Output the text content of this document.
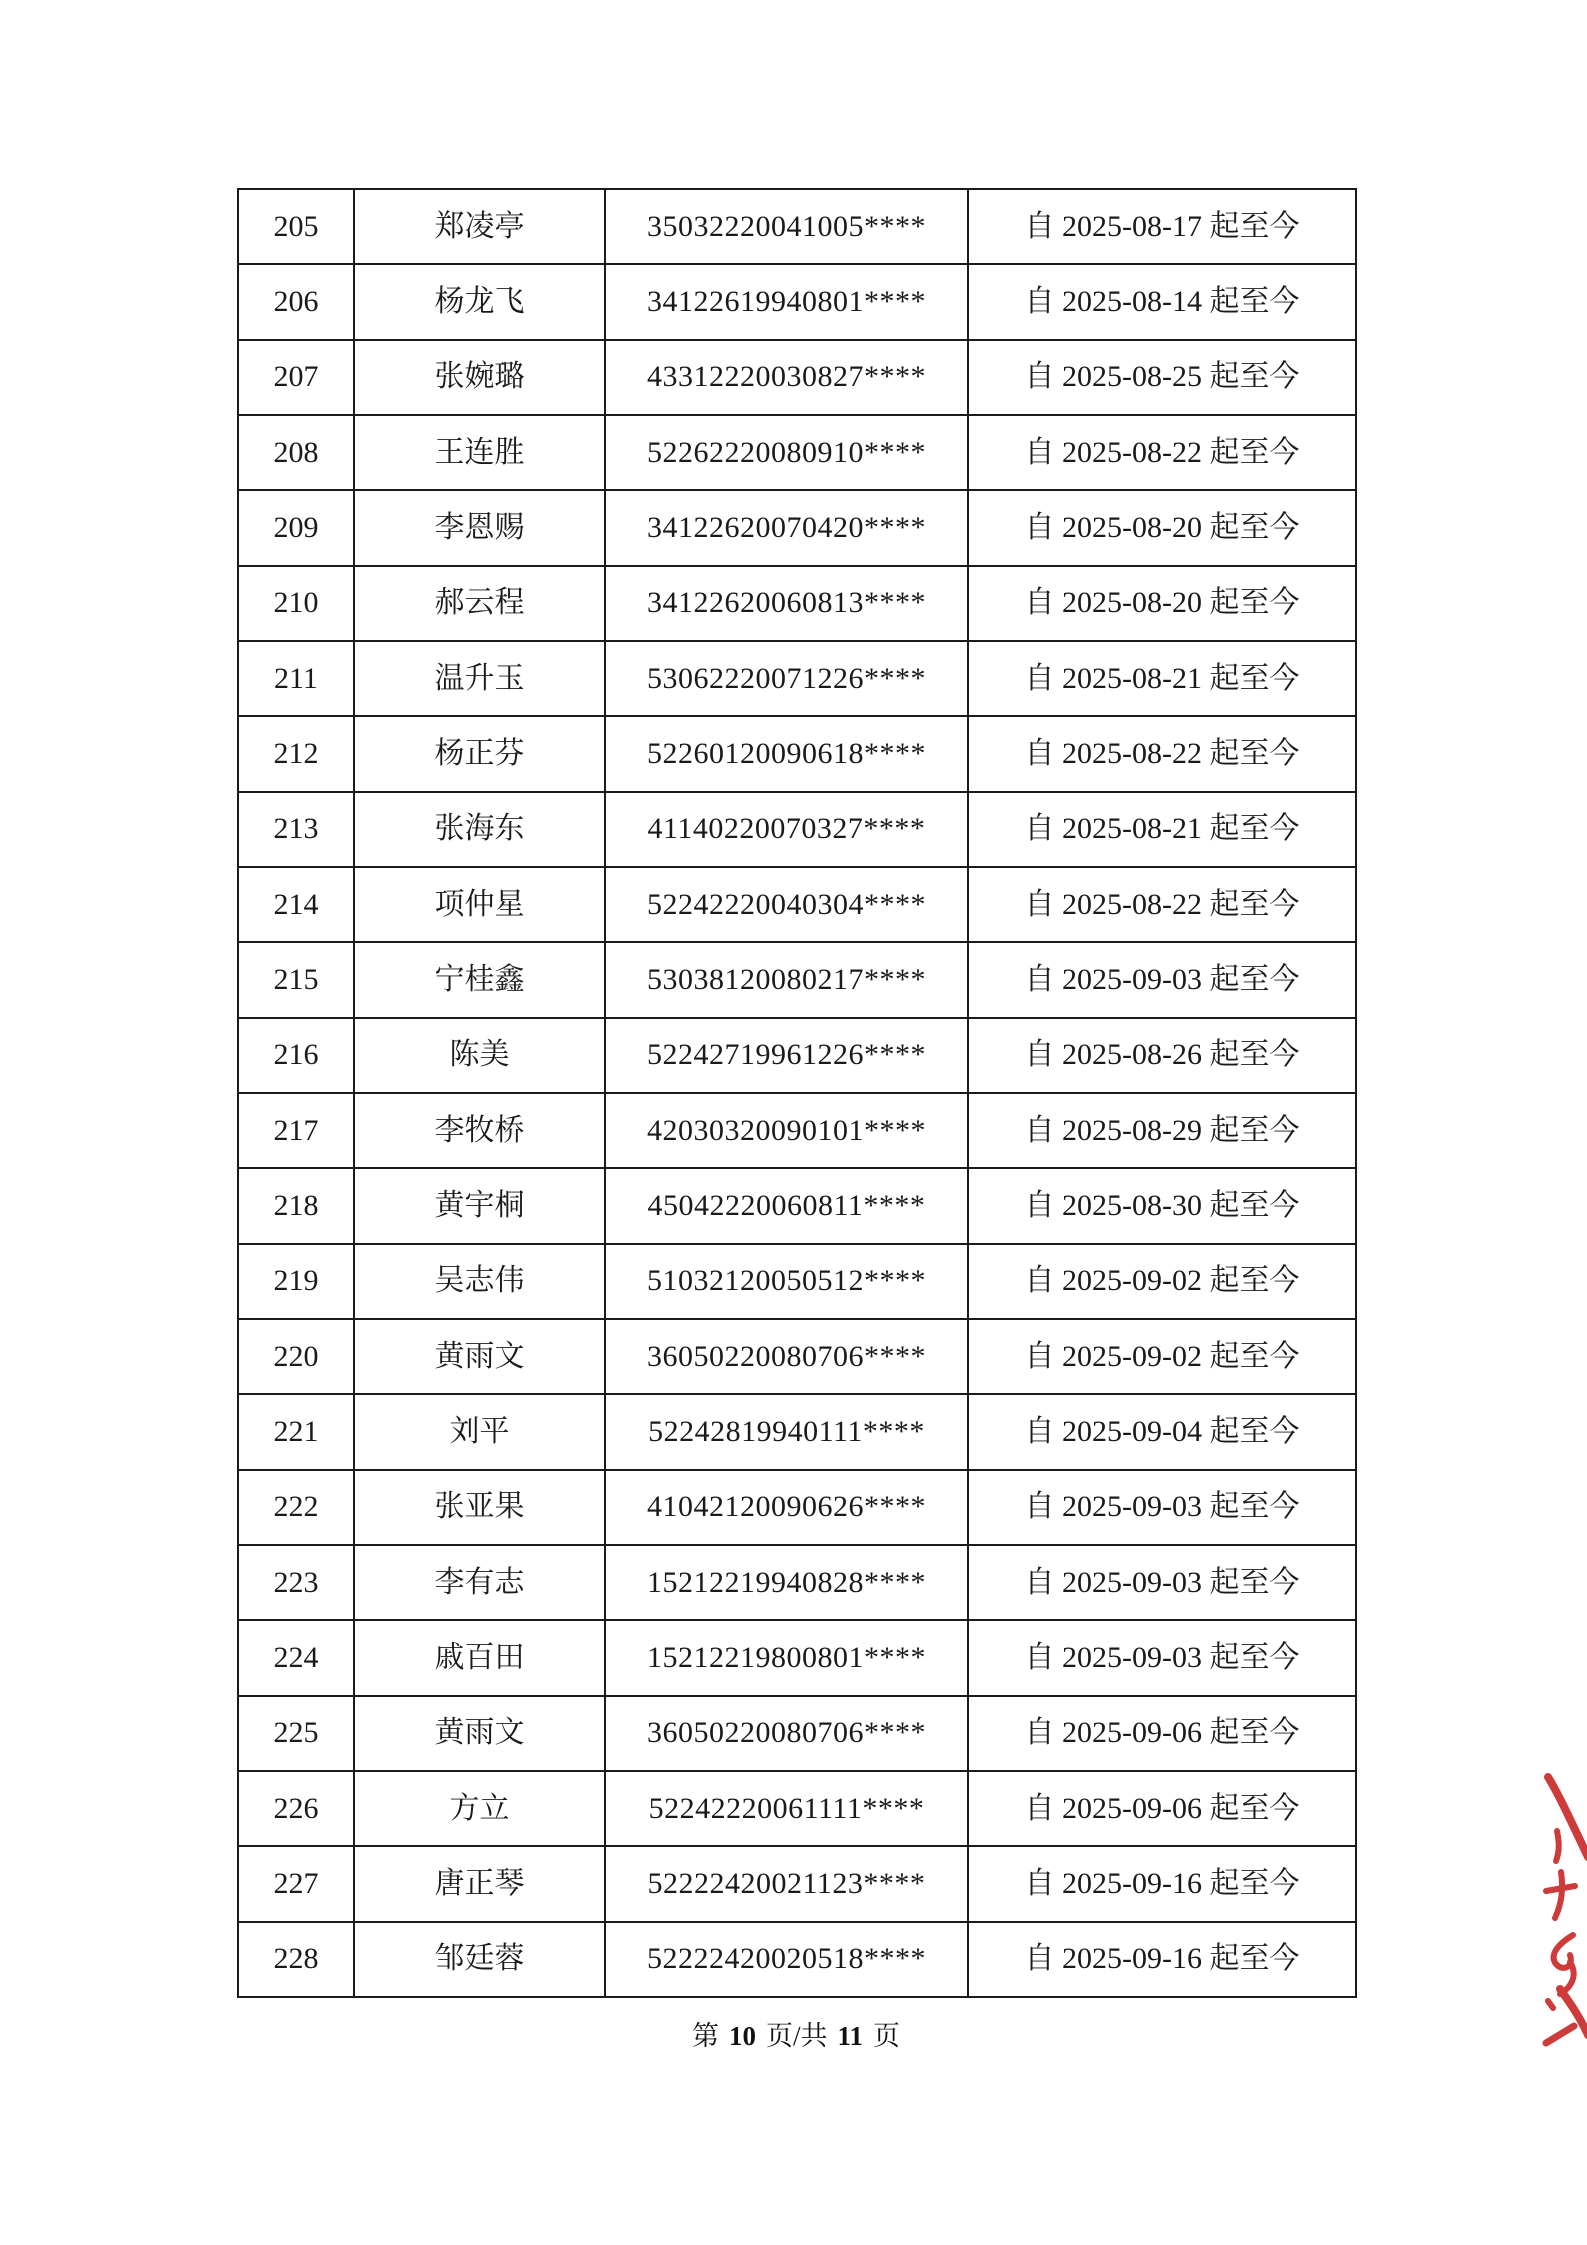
205	郑凌亭	35032220041005****	自 2025-08-17 起至今
206	杨龙飞	34122619940801****	自 2025-08-14 起至今
207	张婉璐	43312220030827****	自 2025-08-25 起至今
208	王连胜	52262220080910****	自 2025-08-22 起至今
209	李恩赐	34122620070420****	自 2025-08-20 起至今
210	郝云程	34122620060813****	自 2025-08-20 起至今
211	温升玉	53062220071226****	自 2025-08-21 起至今
212	杨正芬	52260120090618****	自 2025-08-22 起至今
213	张海东	41140220070327****	自 2025-08-21 起至今
214	项仲星	52242220040304****	自 2025-08-22 起至今
215	宁桂鑫	53038120080217****	自 2025-09-03 起至今
216	陈美	52242719961226****	自 2025-08-26 起至今
217	李牧桥	42030320090101****	自 2025-08-29 起至今
218	黄宇桐	45042220060811****	自 2025-08-30 起至今
219	吴志伟	51032120050512****	自 2025-09-02 起至今
220	黄雨文	36050220080706****	自 2025-09-02 起至今
221	刘平	52242819940111****	自 2025-09-04 起至今
222	张亚果	41042120090626****	自 2025-09-03 起至今
223	李有志	15212219940828****	自 2025-09-03 起至今
224	戚百田	15212219800801****	自 2025-09-03 起至今
225	黄雨文	36050220080706****	自 2025-09-06 起至今
226	方立	52242220061111****	自 2025-09-06 起至今
227	唐正琴	52222420021123****	自 2025-09-16 起至今
228	邹廷蓉	52222420020518****	自 2025-09-16 起至今
第 10 页/共 11 页
